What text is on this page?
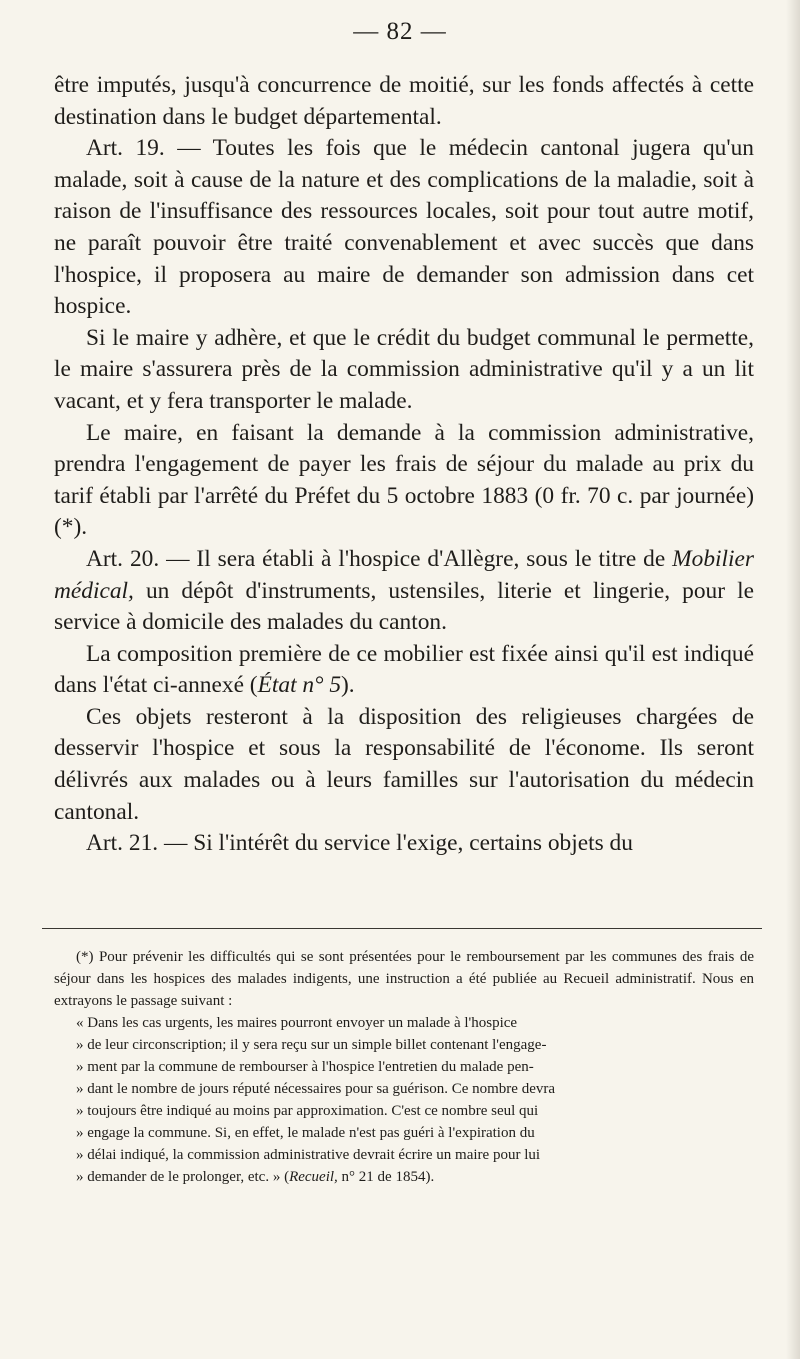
— 82 —

être imputés, jusqu'à concurrence de moitié, sur les fonds affectés à cette destination dans le budget départemental.

Art. 19. — Toutes les fois que le médecin cantonal jugera qu'un malade, soit à cause de la nature et des complications de la maladie, soit à raison de l'insuffisance des ressources locales, soit pour tout autre motif, ne paraît pouvoir être traité convenablement et avec succès que dans l'hospice, il proposera au maire de demander son admission dans cet hospice.

Si le maire y adhère, et que le crédit du budget communal le permette, le maire s'assurera près de la commission administrative qu'il y a un lit vacant, et y fera transporter le malade.

Le maire, en faisant la demande à la commission administrative, prendra l'engagement de payer les frais de séjour du malade au prix du tarif établi par l'arrêté du Préfet du 5 octobre 1883 (0 fr. 70 c. par journée) (*).

Art. 20. — Il sera établi à l'hospice d'Allègre, sous le titre de Mobilier médical, un dépôt d'instruments, ustensiles, literie et lingerie, pour le service à domicile des malades du canton.

La composition première de ce mobilier est fixée ainsi qu'il est indiqué dans l'état ci-annexé (État n° 5).

Ces objets resteront à la disposition des religieuses chargées de desservir l'hospice et sous la responsabilité de l'économe. Ils seront délivrés aux malades ou à leurs familles sur l'autorisation du médecin cantonal.

Art. 21. — Si l'intérêt du service l'exige, certains objets du

(*) Pour prévenir les difficultés qui se sont présentées pour le remboursement par les communes des frais de séjour dans les hospices des malades indigents, une instruction a été publiée au Recueil administratif. Nous en extrayons le passage suivant :

« Dans les cas urgents, les maires pourront envoyer un malade à l'hospice

» de leur circonscription; il y sera reçu sur un simple billet contenant l'engage-

» ment par la commune de rembourser à l'hospice l'entretien du malade pen-

» dant le nombre de jours réputé nécessaires pour sa guérison. Ce nombre devra

» toujours être indiqué au moins par approximation. C'est ce nombre seul qui

» engage la commune. Si, en effet, le malade n'est pas guéri à l'expiration du

» délai indiqué, la commission administrative devrait écrire un maire pour lui

» demander de le prolonger, etc. » (Recueil, n° 21 de 1854).
